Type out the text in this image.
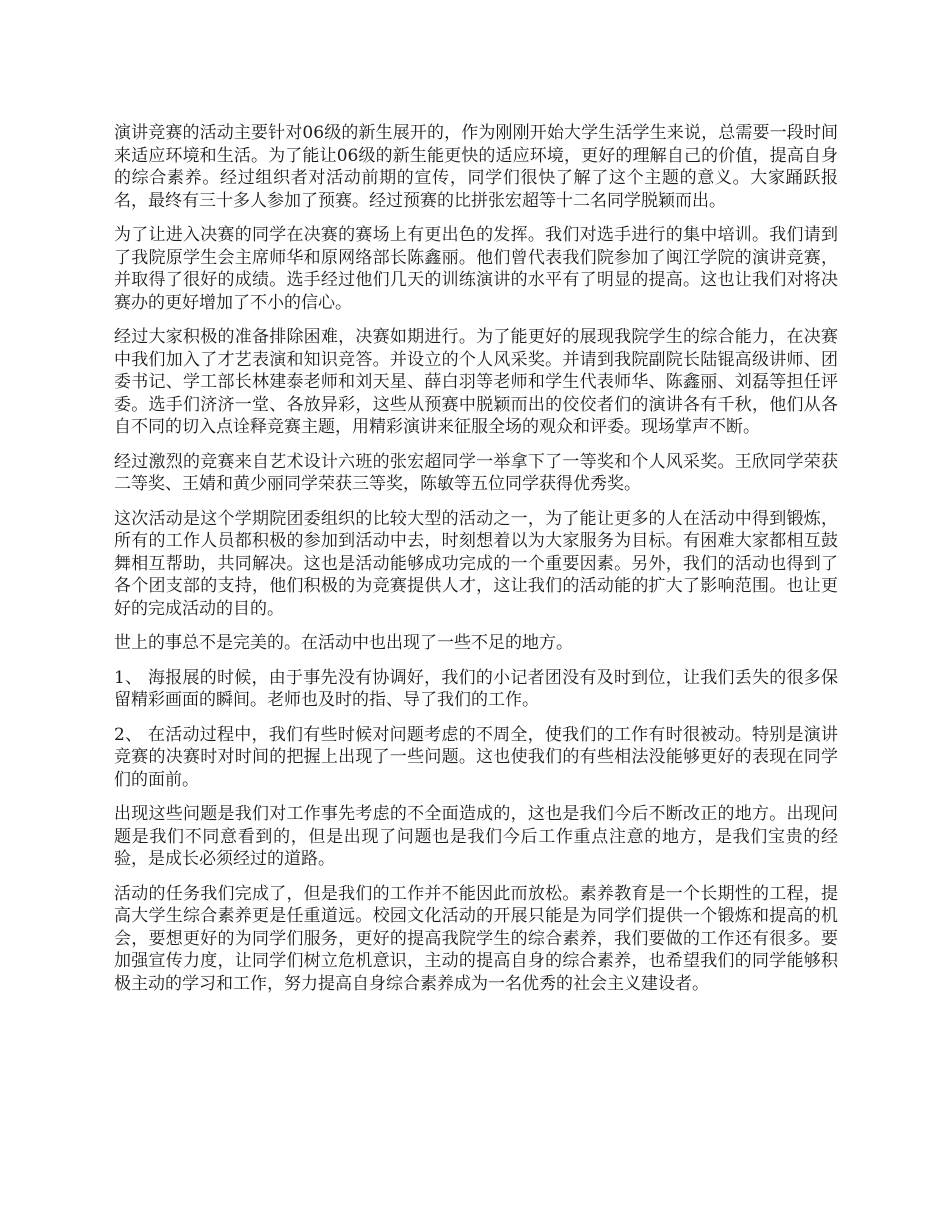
演讲竞赛的活动主要针对06级的新生展开的，作为刚刚开始大学生活学生来说，总需要一段时间来适应环境和生活。为了能让06级的新生能更快的适应环境，更好的理解自己的价值，提高自身的综合素养。经过组织者对活动前期的宣传，同学们很快了解了这个主题的意义。大家踊跃报名，最终有三十多人参加了预赛。经过预赛的比拼张宏超等十二名同学脱颖而出。

为了让进入决赛的同学在决赛的赛场上有更出色的发挥。我们对选手进行的集中培训。我们请到了我院原学生会主席师华和原网络部长陈鑫丽。他们曾代表我们院参加了闽江学院的演讲竞赛，并取得了很好的成绩。选手经过他们几天的训练演讲的水平有了明显的提高。这也让我们对将决赛办的更好增加了不小的信心。

经过大家积极的准备排除困难，决赛如期进行。为了能更好的展现我院学生的综合能力，在决赛中我们加入了才艺表演和知识竞答。并设立的个人风采奖。并请到我院副院长陆锟高级讲师、团委书记、学工部长林建泰老师和刘天星、薛白羽等老师和学生代表师华、陈鑫丽、刘磊等担任评委。选手们济济一堂、各放异彩，这些从预赛中脱颖而出的佼佼者们的演讲各有千秋，他们从各自不同的切入点诠释竞赛主题，用精彩演讲来征服全场的观众和评委。现场掌声不断。

经过激烈的竞赛来自艺术设计六班的张宏超同学一举拿下了一等奖和个人风采奖。王欣同学荣获二等奖、王婧和黄少丽同学荣获三等奖，陈敏等五位同学获得优秀奖。

这次活动是这个学期院团委组织的比较大型的活动之一，为了能让更多的人在活动中得到锻炼，所有的工作人员都积极的参加到活动中去，时刻想着以为大家服务为目标。有困难大家都相互鼓舞相互帮助，共同解决。这也是活动能够成功完成的一个重要因素。另外，我们的活动也得到了各个团支部的支持，他们积极的为竞赛提供人才，这让我们的活动能的扩大了影响范围。也让更好的完成活动的目的。

世上的事总不是完美的。在活动中也出现了一些不足的地方。

1、 海报展的时候，由于事先没有协调好，我们的小记者团没有及时到位，让我们丢失的很多保留精彩画面的瞬间。老师也及时的指、导了我们的工作。

2、 在活动过程中，我们有些时候对问题考虑的不周全，使我们的工作有时很被动。特别是演讲竞赛的决赛时对时间的把握上出现了一些问题。这也使我们的有些相法没能够更好的表现在同学们的面前。

出现这些问题是我们对工作事先考虑的不全面造成的，这也是我们今后不断改正的地方。出现问题是我们不同意看到的，但是出现了问题也是我们今后工作重点注意的地方，是我们宝贵的经验，是成长必须经过的道路。

活动的任务我们完成了，但是我们的工作并不能因此而放松。素养教育是一个长期性的工程，提高大学生综合素养更是任重道远。校园文化活动的开展只能是为同学们提供一个锻炼和提高的机会，要想更好的为同学们服务，更好的提高我院学生的综合素养，我们要做的工作还有很多。要加强宣传力度，让同学们树立危机意识，主动的提高自身的综合素养，也希望我们的同学能够积极主动的学习和工作，努力提高自身综合素养成为一名优秀的社会主义建设者。
